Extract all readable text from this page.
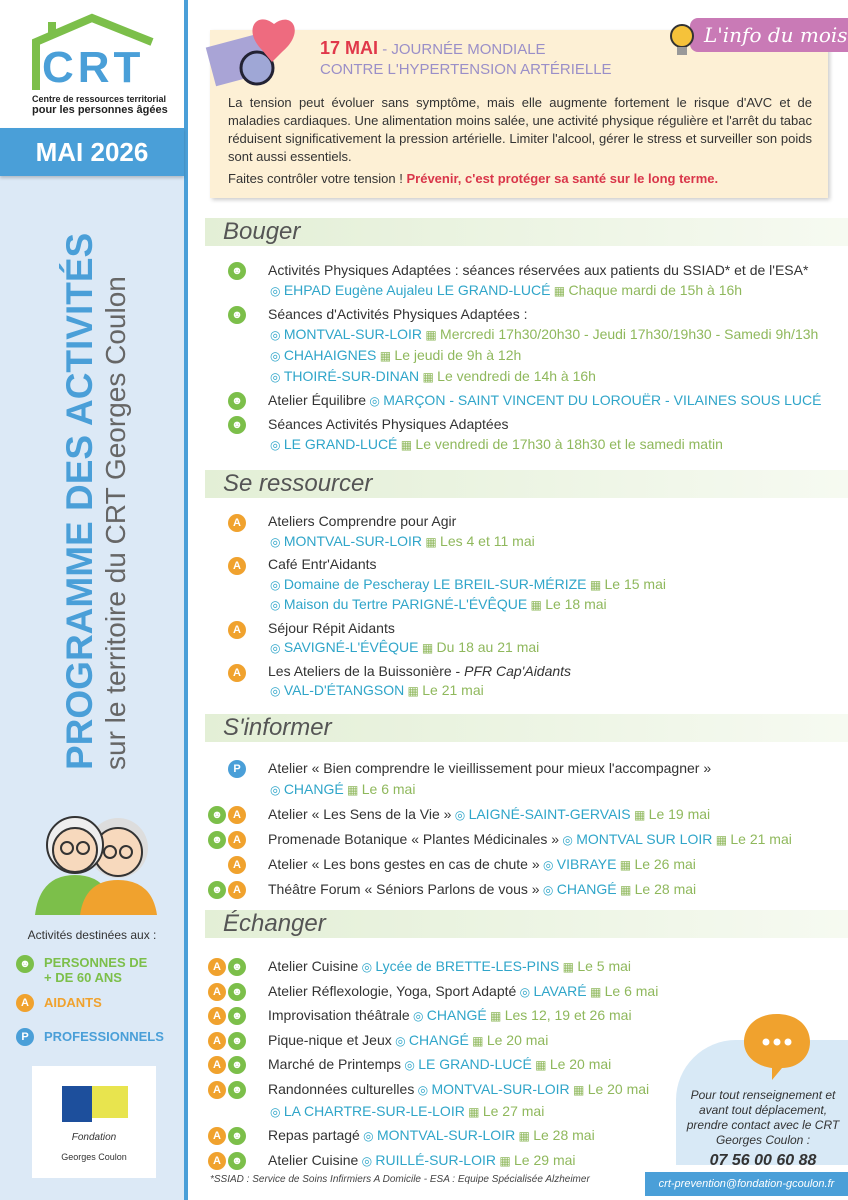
CRT
Centre de ressources territorial
pour les personnes âgées
MAI 2026
PROGRAMME DES ACTIVITÉS sur le territoire du CRT Georges Coulon
Activités destinées aux :
☻ PERSONNES DE
+ DE 60 ANS
A	AIDANTS
P	PROFESSIONNELS
Fondation
Georges Coulon
17 MAI - JOURNÉE MONDIALE
CONTRE L'HYPERTENSION ARTÉRIELLE

La tension peut évoluer sans symptôme, mais elle augmente fortement le risque d'AVC et de maladies cardiaques. Une alimentation moins salée, une activité physique régulière et l'arrêt du tabac réduisent significativement la pression artérielle. Limiter l'alcool, gérer le stress et surveiller son poids sont aussi essentiels.

Faites contrôler votre tension ! Prévenir, c'est protéger sa santé sur le long terme.

L'info du mois
Bouger
☻ Activités Physiques Adaptées : séances réservées aux patients du SSIAD* et de l'ESA*
◎ EHPAD Eugène Aujaleu LE GRAND-LUCÉ ▦ Chaque mardi de 15h à 16h
☻ Séances d'Activités Physiques Adaptées :
◎ MONTVAL-SUR-LOIR ▦ Mercredi 17h30/20h30 - Jeudi 17h30/19h30 - Samedi 9h/13h
◎ CHAHAIGNES ▦ Le jeudi de 9h à 12h
◎ THOIRÉ-SUR-DINAN ▦ Le vendredi de 14h à 16h
☻ Atelier Équilibre ◎ MARÇON - SAINT VINCENT DU LOROUËR - VILAINES SOUS LUCÉ
☻ Séances Activités Physiques Adaptées
◎ LE GRAND-LUCÉ ▦ Le vendredi de 17h30 à 18h30 et le samedi matin
Se ressourcer
A	Ateliers Comprendre pour Agir
◎ MONTVAL-SUR-LOIR ▦ Les 4 et 11 mai
A	Café Entr'Aidants
◎ Domaine de Pescheray LE BREIL-SUR-MÉRIZE ▦ Le 15 mai
◎ Maison du Tertre PARIGNÉ-L'ÉVÊQUE ▦ Le 18 mai
A	Séjour Répit Aidants
◎ SAVIGNÉ-L'ÉVÊQUE ▦ Du 18 au 21 mai
A	Les Ateliers de la Buissonière - PFR Cap'Aidants
◎ VAL-D'ÉTANGSON ▦ Le 21 mai
S'informer
P	Atelier « Bien comprendre le vieillissement pour mieux l'accompagner »
◎ CHANGÉ ▦ Le 6 mai
☻ A	Atelier « Les Sens de la Vie » ◎ LAIGNÉ-SAINT-GERVAIS ▦ Le 19 mai
☻ A	Promenade Botanique « Plantes Médicinales » ◎ MONTVAL SUR LOIR ▦ Le 21 mai
A	Atelier « Les bons gestes en cas de chute » ◎ VIBRAYE ▦ Le 26 mai
☻ A	Théâtre Forum « Séniors Parlons de vous » ◎ CHANGÉ ▦ Le 28 mai
Échanger
A ☻ Atelier Cuisine ◎ Lycée de BRETTE-LES-PINS ▦ Le 5 mai
A ☻ Atelier Réflexologie, Yoga, Sport Adapté ◎ LAVARÉ ▦ Le 6 mai
A ☻ Improvisation théâtrale ◎ CHANGÉ ▦ Les 12, 19 et 26 mai
A ☻ Pique-nique et Jeux ◎ CHANGÉ ▦ Le 20 mai
A ☻ Marché de Printemps ◎ LE GRAND-LUCÉ ▦ Le 20 mai
A ☻ Randonnées culturelles ◎ MONTVAL-SUR-LOIR ▦ Le 20 mai
◎ LA CHARTRE-SUR-LE-LOIR ▦ Le 27 mai
A ☻ Repas partagé ◎ MONTVAL-SUR-LOIR ▦ Le 28 mai
A ☻ Atelier Cuisine ◎ RUILLÉ-SUR-LOIR ▦ Le 29 mai
Pour tout renseignement et avant tout déplacement, prendre contact avec le CRT Georges Coulon :
07 56 00 60 88
crt-prevention@fondation-gcoulon.fr
*SSIAD : Service de Soins Infirmiers A Domicile - ESA : Equipe Spécialisée Alzheimer
